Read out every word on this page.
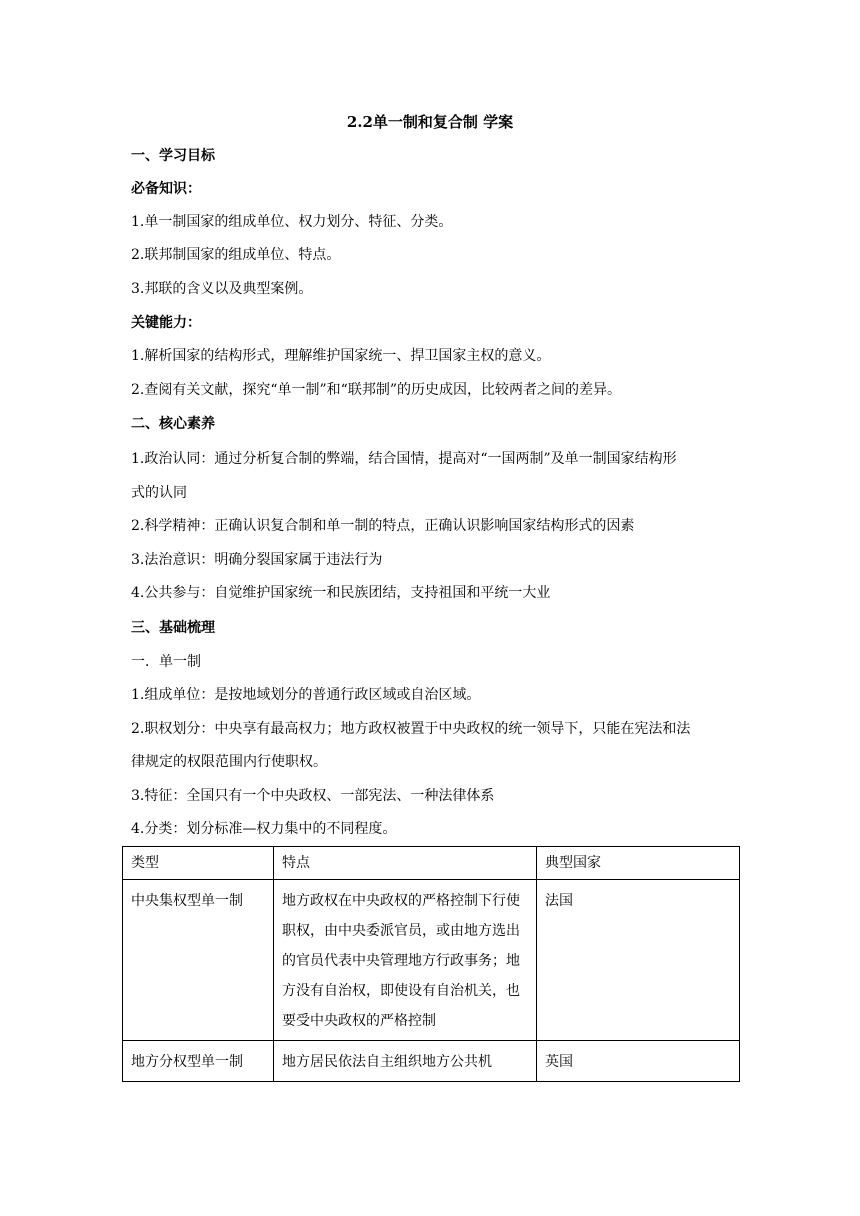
2.2单一制和复合制 学案
一、学习目标
必备知识：
1.单一制国家的组成单位、权力划分、特征、分类。
2.联邦制国家的组成单位、特点。
3.邦联的含义以及典型案例。
关键能力：
1.解析国家的结构形式，理解维护国家统一、捍卫国家主权的意义。
2.查阅有关文献，探究“单一制”和“联邦制”的历史成因，比较两者之间的差异。
二、核心素养
1.政治认同：通过分析复合制的弊端，结合国情，提高对“一国两制”及单一制国家结构形
式的认同
2.科学精神：正确认识复合制和单一制的特点，正确认识影响国家结构形式的因素
3.法治意识：明确分裂国家属于违法行为
4.公共参与：自觉维护国家统一和民族团结，支持祖国和平统一大业
三、基础梳理
一．单一制
1.组成单位：是按地域划分的普通行政区域或自治区域。
2.职权划分：中央享有最高权力；地方政权被置于中央政权的统一领导下，只能在宪法和法
律规定的权限范围内行使职权。
3.特征：全国只有一个中央政权、一部宪法、一种法律体系
4.分类：划分标准—权力集中的不同程度。
类型	特点	典型国家
中央集权型单一制	地方政权在中央政权的严格控制下行使职权，由中央委派官员，或由地方选出的官员代表中央管理地方行政事务；地方没有自治权，即使设有自治机关，也要受中央政权的严格控制	法国
地方分权型单一制	地方居民依法自主组织地方公共机	英国
